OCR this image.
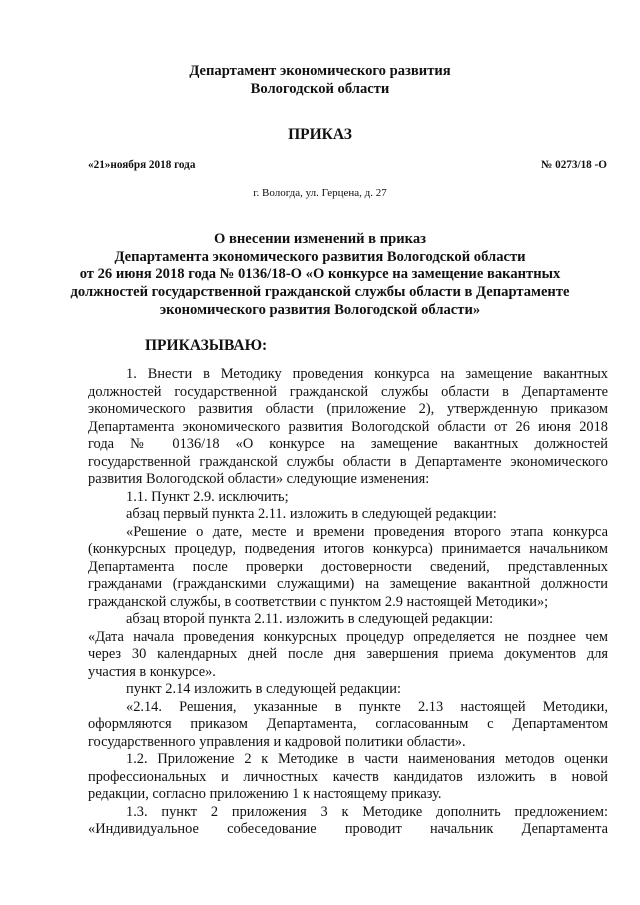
Департамент экономического развития
Вологодской области
ПРИКАЗ
«21»ноября 2018 года	№ 0273/18 -О
г. Вологда, ул. Герцена, д. 27
О внесении изменений в приказ
Департамента экономического развития Вологодской области
от 26 июня 2018 года № 0136/18-О «О конкурсе на замещение вакантных
должностей государственной гражданской службы области в Департаменте
экономического развития Вологодской области»
ПРИКАЗЫВАЮ:
1. Внести в Методику проведения конкурса на замещение вакантных
должностей государственной гражданской службы области в Департаменте
экономического развития области (приложение 2), утвержденную приказом
Департамента экономического развития Вологодской области от 26 июня 2018
года № 0136/18 «О конкурсе на замещение вакантных должностей
государственной гражданской службы области в Департаменте экономического
развития Вологодской области» следующие изменения:
1.1. Пункт 2.9. исключить;
абзац первый пункта 2.11. изложить в следующей редакции:
«Решение о дате, месте и времени проведения второго этапа конкурса
(конкурсных процедур, подведения итогов конкурса) принимается начальником
Департамента после проверки достоверности сведений, представленных
гражданами (гражданскими служащими) на замещение вакантной должности
гражданской службы, в соответствии с пунктом 2.9 настоящей Методики»;
абзац второй пункта 2.11. изложить в следующей редакции:
«Дата начала проведения конкурсных процедур определяется не позднее чем
через 30 календарных дней после дня завершения приема документов для
участия в конкурсе».
пункт 2.14 изложить в следующей редакции:
«2.14. Решения, указанные в пункте 2.13 настоящей Методики,
оформляются приказом Департамента, согласованным с Департаментом
государственного управления и кадровой политики области».
1.2. Приложение 2 к Методике в части наименования методов оценки
профессиональных и личностных качеств кандидатов изложить в новой
редакции, согласно приложению 1 к настоящему приказу.
1.3. пункт 2 приложения 3 к Методике дополнить предложением:
«Индивидуальное собеседование проводит начальник Департамента
